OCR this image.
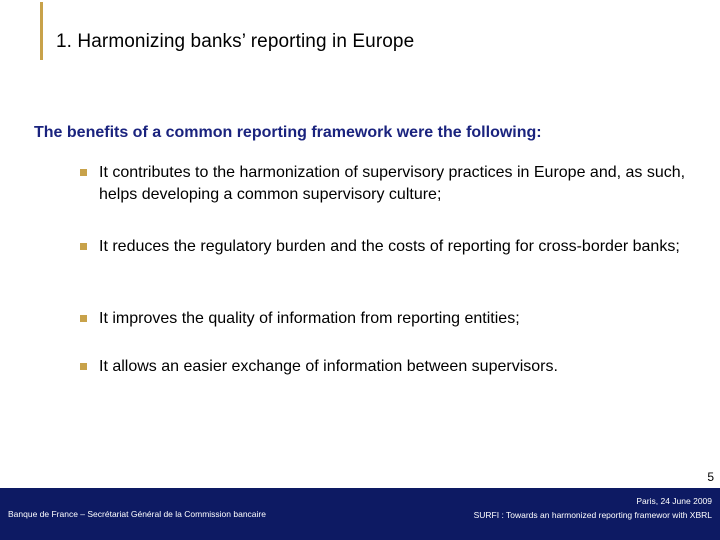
1. Harmonizing banks’ reporting in Europe
The benefits of a common reporting framework were the following:
It contributes to the harmonization of supervisory practices in Europe and, as such, helps developing a common supervisory culture;
It reduces the regulatory burden and the costs of reporting for cross-border banks;
It improves the quality of information from reporting entities;
It allows an easier exchange of information between supervisors.
5
Banque de France – Secrétariat Général de la Commission bancaire
Paris, 24 June 2009
SURFI : Towards an harmonized reporting framewor with XBRL
